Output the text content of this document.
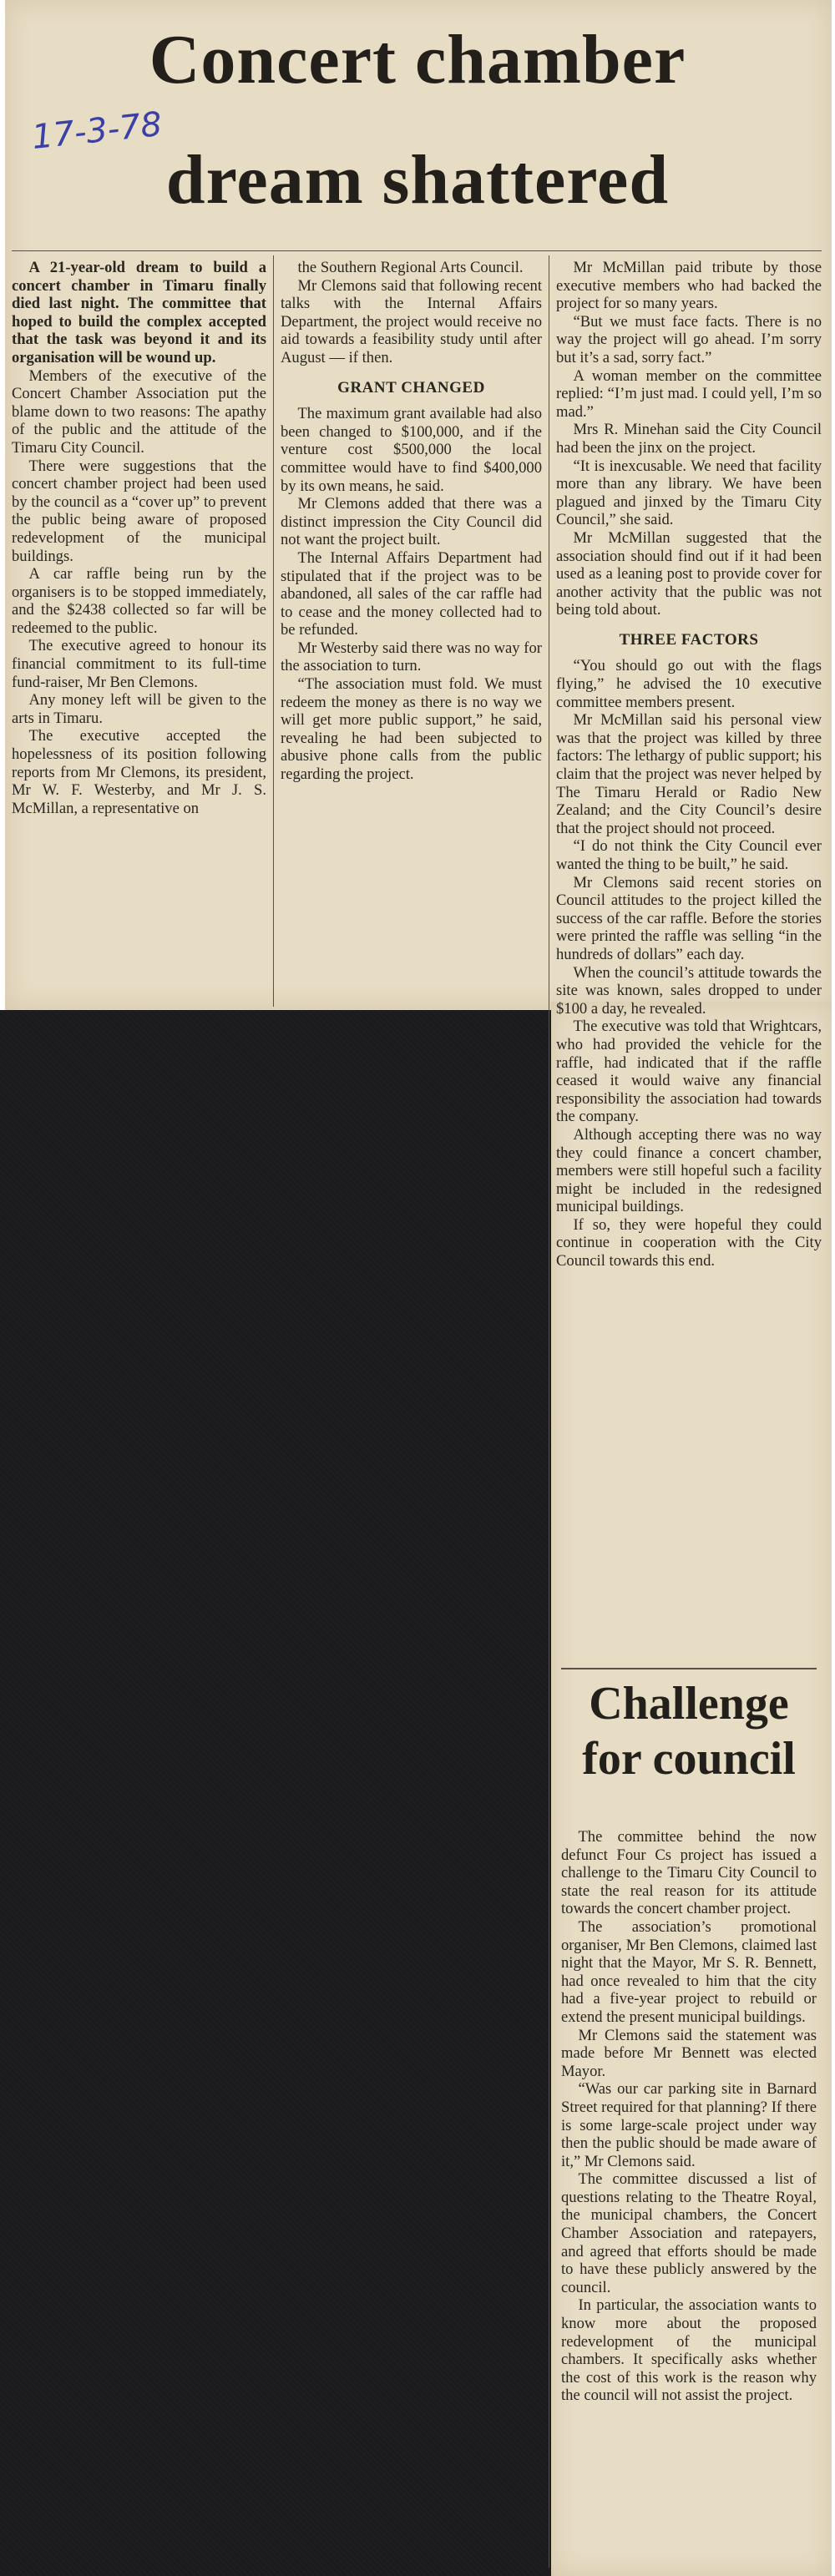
Concert chamber
17-3-78
dream shattered

A 21-year-old dream to build a concert chamber in Timaru finally died last night. The committee that hoped to build the complex accepted that the task was beyond it and its organisation will be wound up.

Members of the executive of the Concert Chamber Association put the blame down to two reasons: The apathy of the public and the attitude of the Timaru City Council.

There were suggestions that the concert chamber project had been used by the council as a “cover up” to prevent the public being aware of proposed redevelopment of the municipal buildings.

A car raffle being run by the organisers is to be stopped immediately, and the $2438 collected so far will be redeemed to the public.

The executive agreed to honour its financial commitment to its full-time fund-raiser, Mr Ben Clemons.

Any money left will be given to the arts in Timaru.

The executive accepted the hopelessness of its position following reports from Mr Clemons, its president, Mr W. F. Westerby, and Mr J. S. McMillan, a representative on

the Southern Regional Arts Council.

Mr Clemons said that following recent talks with the Internal Affairs Department, the project would receive no aid towards a feasibility study until after August — if then.

GRANT CHANGED

The maximum grant available had also been changed to $100,000, and if the venture cost $500,000 the local committee would have to find $400,000 by its own means, he said.

Mr Clemons added that there was a distinct impression the City Council did not want the project built.

The Internal Affairs Department had stipulated that if the project was to be abandoned, all sales of the car raffle had to cease and the money collected had to be refunded.

Mr Westerby said there was no way for the association to turn.

“The association must fold. We must redeem the money as there is no way we will get more public support,” he said, revealing he had been subjected to abusive phone calls from the public regarding the project.

Mr McMillan paid tribute by those executive members who had backed the project for so many years.

“But we must face facts. There is no way the project will go ahead. I’m sorry but it’s a sad, sorry fact.”

A woman member on the committee replied: “I’m just mad. I could yell, I’m so mad.”

Mrs R. Minehan said the City Council had been the jinx on the project.

“It is inexcusable. We need that facility more than any library. We have been plagued and jinxed by the Timaru City Council,” she said.

Mr McMillan suggested that the association should find out if it had been used as a leaning post to provide cover for another activity that the public was not being told about.

THREE FACTORS

“You should go out with the flags flying,” he advised the 10 executive committee members present.

Mr McMillan said his personal view was that the project was killed by three factors: The lethargy of public support; his claim that the project was never helped by The Timaru Herald or Radio New Zealand; and the City Council’s desire that the project should not proceed.

“I do not think the City Council ever wanted the thing to be built,” he said.

Mr Clemons said recent stories on Council attitudes to the project killed the success of the car raffle. Before the stories were printed the raffle was selling “in the hundreds of dollars” each day.

When the council’s attitude towards the site was known, sales dropped to under $100 a day, he revealed.

The executive was told that Wrightcars, who had provided the vehicle for the raffle, had indicated that if the raffle ceased it would waive any financial responsibility the association had towards the company.

Although accepting there was no way they could finance a concert chamber, members were still hopeful such a facility might be included in the redesigned municipal buildings.

If so, they were hopeful they could continue in cooperation with the City Council towards this end.

Challenge
for council

The committee behind the now defunct Four Cs project has issued a challenge to the Timaru City Council to state the real reason for its attitude towards the concert chamber project.

The association’s promotional organiser, Mr Ben Clemons, claimed last night that the Mayor, Mr S. R. Bennett, had once revealed to him that the city had a five-year project to rebuild or extend the present municipal buildings.

Mr Clemons said the statement was made before Mr Bennett was elected Mayor.

“Was our car parking site in Barnard Street required for that planning? If there is some large-scale project under way then the public should be made aware of it,” Mr Clemons said.

The committee discussed a list of questions relating to the Theatre Royal, the municipal chambers, the Concert Chamber Association and ratepayers, and agreed that efforts should be made to have these publicly answered by the council.

In particular, the association wants to know more about the proposed redevelopment of the municipal chambers. It specifically asks whether the cost of this work is the reason why the council will not assist the project.
